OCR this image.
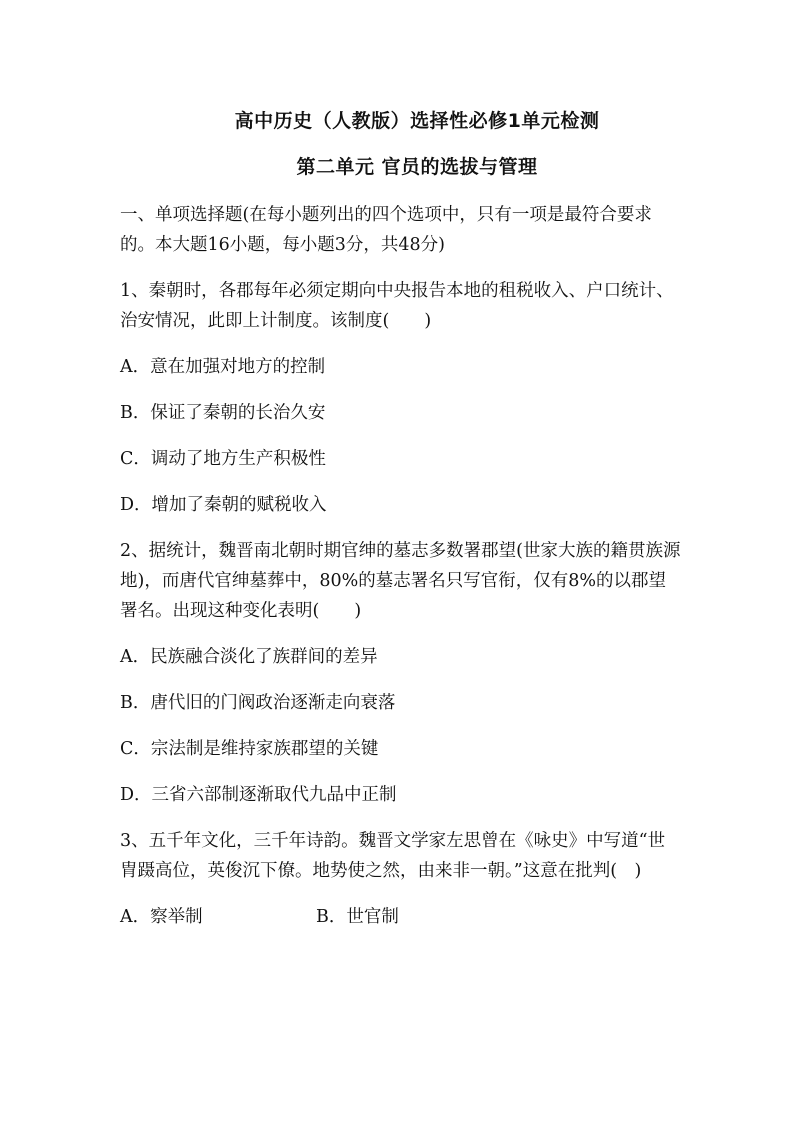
高中历史（人教版）选择性必修1单元检测
第二单元 官员的选拔与管理

一、单项选择题(在每小题列出的四个选项中，只有一项是最符合要求的。本大题16小题，每小题3分，共48分)

1、秦朝时，各郡每年必须定期向中央报告本地的租税收入、户口统计、治安情况，此即上计制度。该制度(　　)

A．意在加强对地方的控制

B．保证了秦朝的长治久安

C．调动了地方生产积极性

D．增加了秦朝的赋税收入

2、据统计，魏晋南北朝时期官绅的墓志多数署郡望(世家大族的籍贯族源地)，而唐代官绅墓葬中，80%的墓志署名只写官衔，仅有8%的以郡望署名。出现这种变化表明(　　)

A．民族融合淡化了族群间的差异

B．唐代旧的门阀政治逐渐走向衰落

C．宗法制是维持家族郡望的关键

D．三省六部制逐渐取代九品中正制

3、五千年文化，三千年诗韵。魏晋文学家左思曾在《咏史》中写道“世胄蹑高位，英俊沉下僚。地势使之然，由来非一朝。”这意在批判(　)

A．察举制	B．世官制
